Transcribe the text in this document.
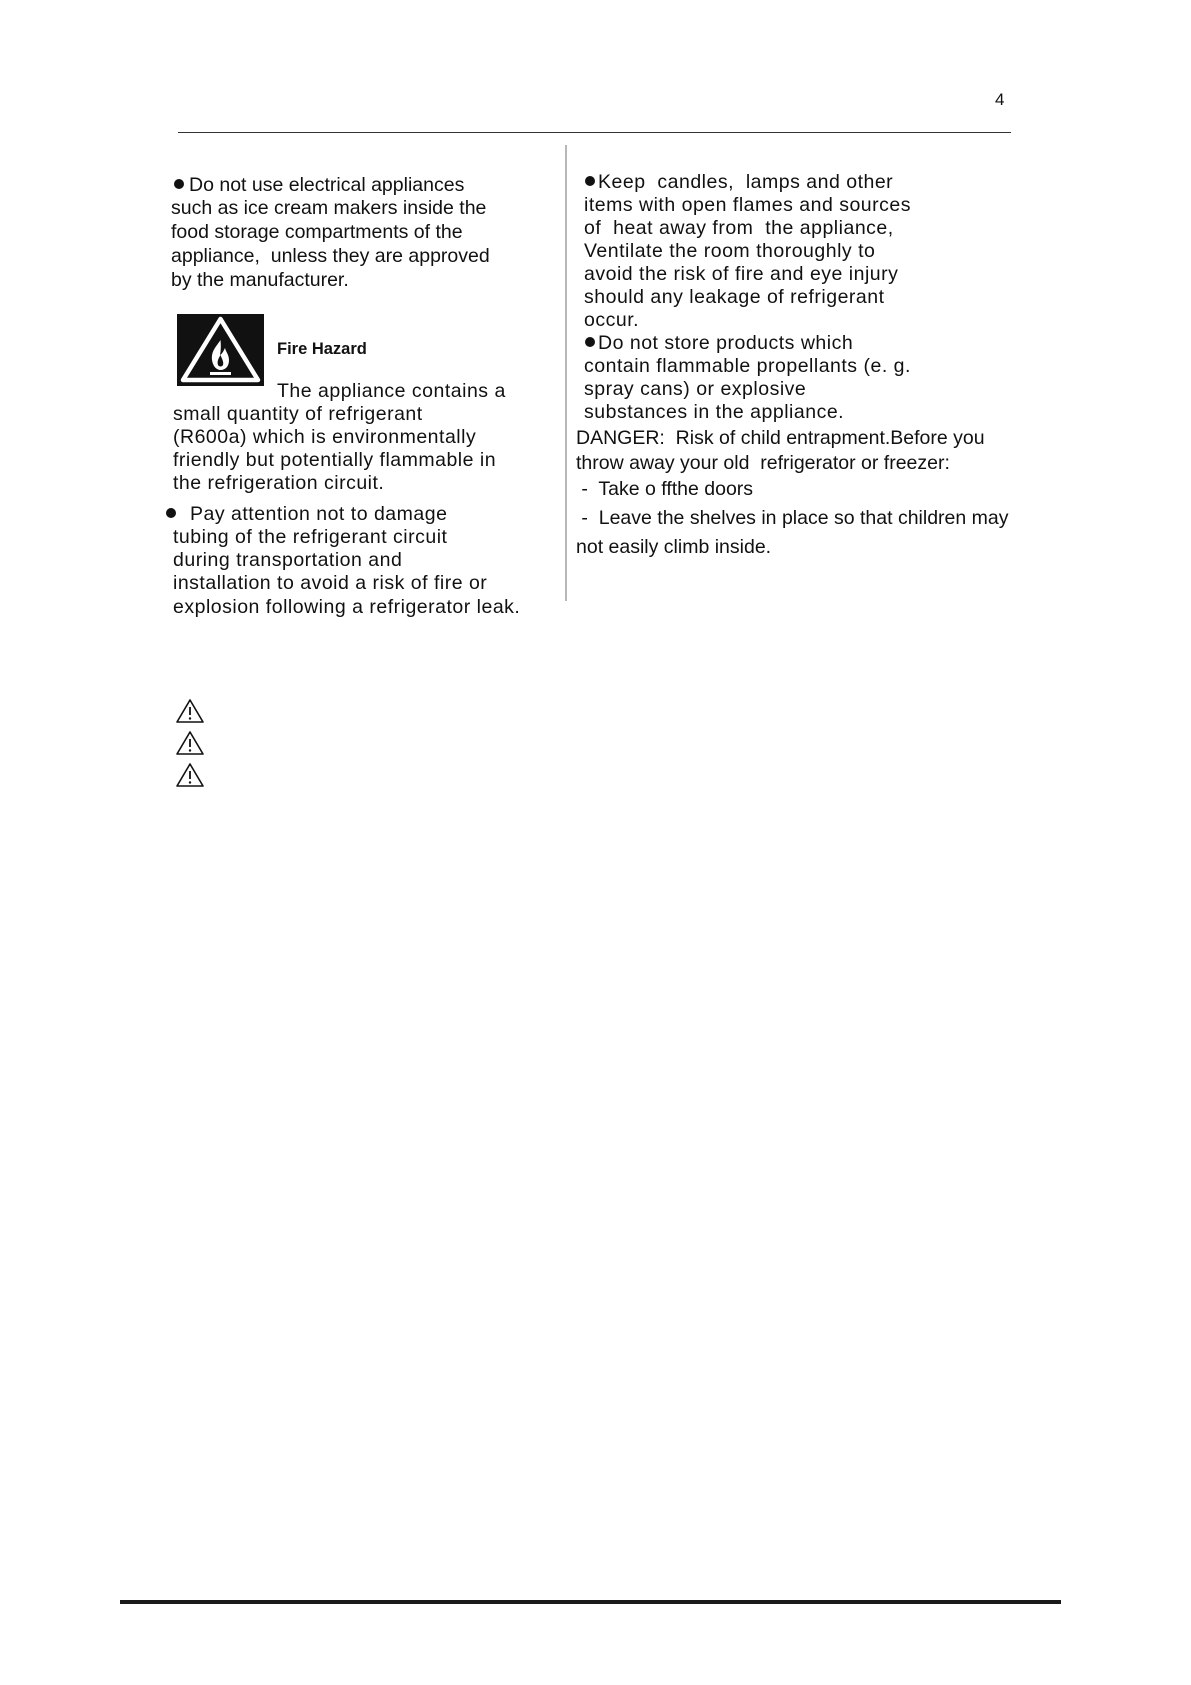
4
Do not use electrical appliances
such as ice cream makers inside the
food storage compartments of the
appliance,  unless they are approved
by the manufacturer.
Fire Hazard
The appliance contains a
small quantity of refrigerant
(R600a) which is environmentally
friendly but potentially flammable in
the refrigeration circuit.
Pay attention not to damage
tubing of the refrigerant circuit
during transportation and
installation to avoid a risk of fire or
explosion following a refrigerator leak.
Keep  candles,  lamps and other
items with open flames and sources
of  heat away from  the appliance,
Ventilate the room thoroughly to
avoid the risk of fire and eye injury
should any leakage of refrigerant
occur.
Do not store products which
contain flammable propellants (e. g.
spray cans) or explosive
substances in the appliance.
DANGER:  Risk of child entrapment.Before you
throw away your old  refrigerator or freezer:
-  Take o ffthe doors
-  Leave the shelves in place so that children may
not easily climb inside.
